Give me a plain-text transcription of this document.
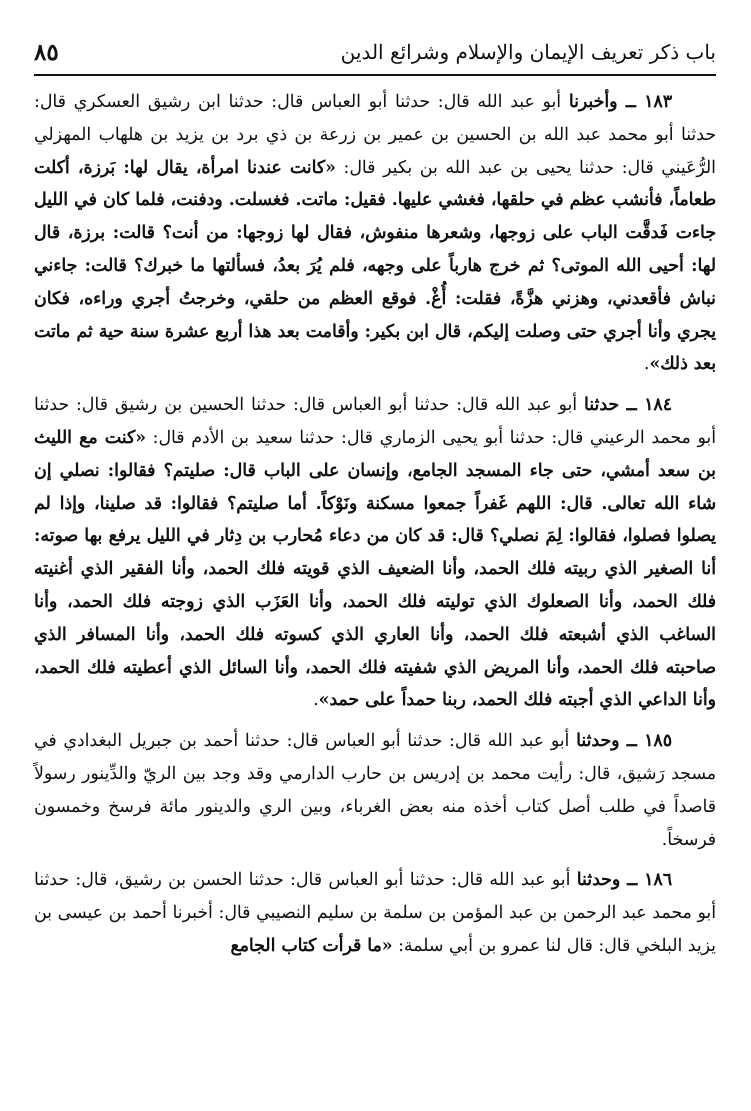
٨٥	باب ذكر تعريف الإيمان والإسلام وشرائع الدين

١٨٣ ــ وأخبرنا أبو عبد الله قال: حدثنا أبو العباس قال: حدثنا ابن رشيق العسكري قال: حدثنا أبو محمد عبد الله بن الحسين بن عمير بن زرعة بن ذي برد بن يزيد بن هلهاب المهزلي الرُّعَيني قال: حدثنا يحيى بن عبد الله بن بكير قال: «كانت عندنا امرأة، يقال لها: بَرزة، أكلت طعاماً، فأنشب عظم في حلقها، فغشي عليها. فقيل: ماتت. فغسلت. ودفنت، فلما كان في الليل جاءت فَدقَّت الباب على زوجها، وشعرها منفوش، فقال لها زوجها: من أنت؟ قالت: برزة، قال لها: أحيى الله الموتى؟ ثم خرج هارباً على وجهه، فلم يُرَ بعدُ، فسألتها ما خبرك؟ قالت: جاءني نباش فأقعدني، وهزني هزَّةً، فقلت: أُغْ. فوقع العظم من حلقي، وخرجتُ أجري وراءه، فكان يجري وأنا أجري حتى وصلت إليكم، قال ابن بكير: وأقامت بعد هذا أربع عشرة سنة حية ثم ماتت بعد ذلك».

١٨٤ ــ حدثنا أبو عبد الله قال: حدثنا أبو العباس قال: حدثنا الحسين بن رشيق قال: حدثنا أبو محمد الرعيني قال: حدثنا أبو يحيى الزماري قال: حدثنا سعيد بن الأدم قال: «كنت مع الليث بن سعد أمشي، حتى جاء المسجد الجامع، وإنسان على الباب قال: صليتم؟ فقالوا: نصلي إن شاء الله تعالى. قال: اللهم غَفراً جمعوا مسكنة ونَوْكاً. أما صليتم؟ فقالوا: قد صلينا، وإذا لم يصلوا فصلوا، فقالوا: لِمَ نصلي؟ قال: قد كان من دعاء مُحارب بن دِثار في الليل يرفع بها صوته: أنا الصغير الذي ربيته فلك الحمد، وأنا الضعيف الذي قويته فلك الحمد، وأنا الفقير الذي أغنيته فلك الحمد، وأنا الصعلوك الذي توليته فلك الحمد، وأنا العَزَب الذي زوجته فلك الحمد، وأنا الساغب الذي أشبعته فلك الحمد، وأنا العاري الذي كسوته فلك الحمد، وأنا المسافر الذي صاحبته فلك الحمد، وأنا المريض الذي شفيته فلك الحمد، وأنا السائل الذي أعطيته فلك الحمد، وأنا الداعي الذي أجبته فلك الحمد، ربنا حمداً على حمد».

١٨٥ ــ وحدثنا أبو عبد الله قال: حدثنا أبو العباس قال: حدثنا أحمد بن جبريل البغدادي في مسجد رَشيق، قال: رأيت محمد بن إدريس بن حارب الدارمي وقد وجد بين الريّ والدِّينور رسولاً قاصداً في طلب أصل كتاب أخذه منه بعض الغرباء، وبين الري والدينور مائة فرسخ وخمسون فرسخاً.

١٨٦ ــ وحدثنا أبو عبد الله قال: حدثنا أبو العباس قال: حدثنا الحسن بن رشيق، قال: حدثنا أبو محمد عبد الرحمن بن عبد المؤمن بن سلمة بن سليم النصيبي قال: أخبرنا أحمد بن عيسى بن يزيد البلخي قال: قال لنا عمرو بن أبي سلمة: «ما قرأت كتاب الجامع
